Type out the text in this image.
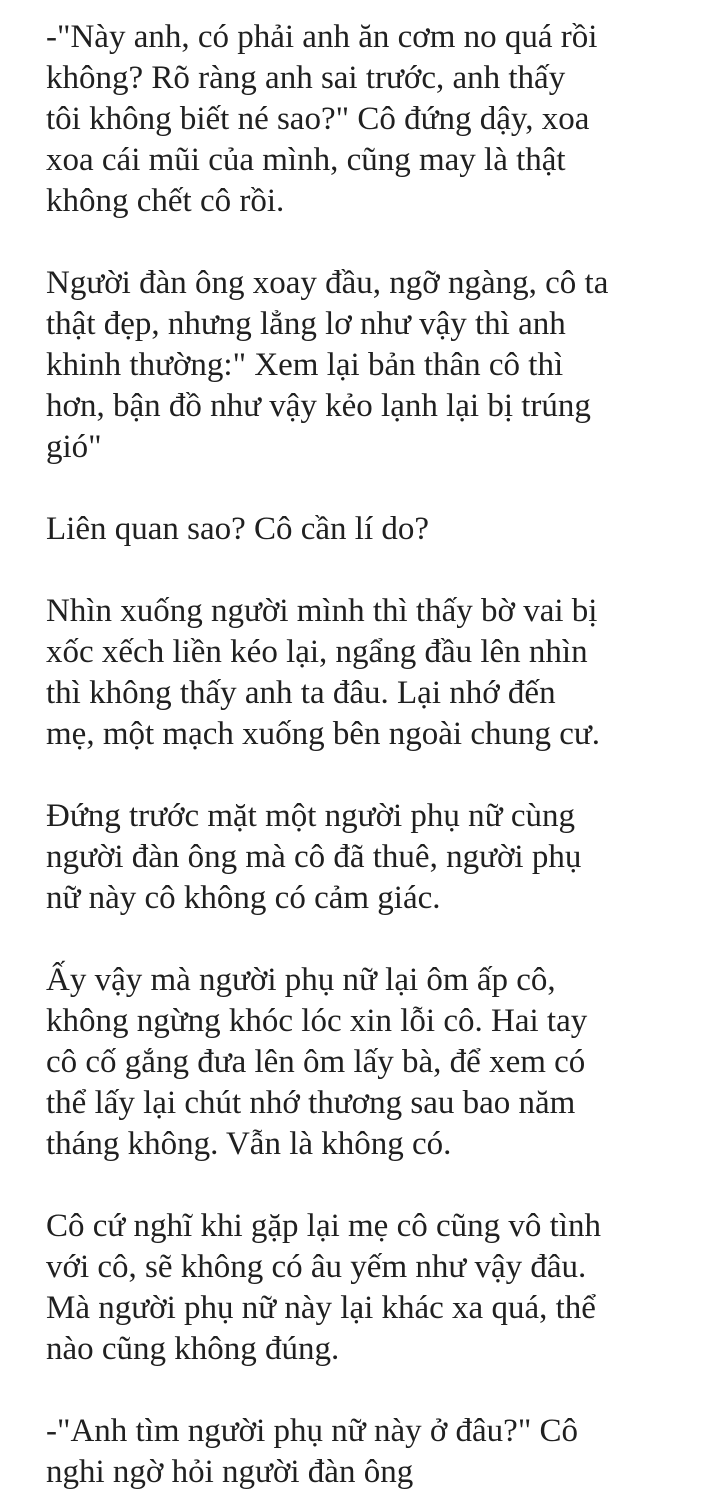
-"Này anh, có phải anh ăn cơm no quá rồi
không? Rõ ràng anh sai trước, anh thấy
tôi không biết né sao?" Cô đứng dậy, xoa
xoa cái mũi của mình, cũng may là thật
không chết cô rồi.

Người đàn ông xoay đầu, ngỡ ngàng, cô ta
thật đẹp, nhưng lẳng lơ như vậy thì anh
khinh thường:" Xem lại bản thân cô thì
hơn, bận đồ như vậy kẻo lạnh lại bị trúng
gió"

Liên quan sao? Cô cần lí do?

Nhìn xuống người mình thì thấy bờ vai bị
xốc xếch liền kéo lại, ngẩng đầu lên nhìn
thì không thấy anh ta đâu. Lại nhớ đến
mẹ, một mạch xuống bên ngoài chung cư.

Đứng trước mặt một người phụ nữ cùng
người đàn ông mà cô đã thuê, người phụ
nữ này cô không có cảm giác.

Ấy vậy mà người phụ nữ lại ôm ấp cô,
không ngừng khóc lóc xin lỗi cô. Hai tay
cô cố gắng đưa lên ôm lấy bà, để xem có
thể lấy lại chút nhớ thương sau bao năm
tháng không. Vẫn là không có.

Cô cứ nghĩ khi gặp lại mẹ cô cũng vô tình
với cô, sẽ không có âu yếm như vậy đâu.
Mà người phụ nữ này lại khác xa quá, thể
nào cũng không đúng.

-"Anh tìm người phụ nữ này ở đâu?" Cô
nghi ngờ hỏi người đàn ông
